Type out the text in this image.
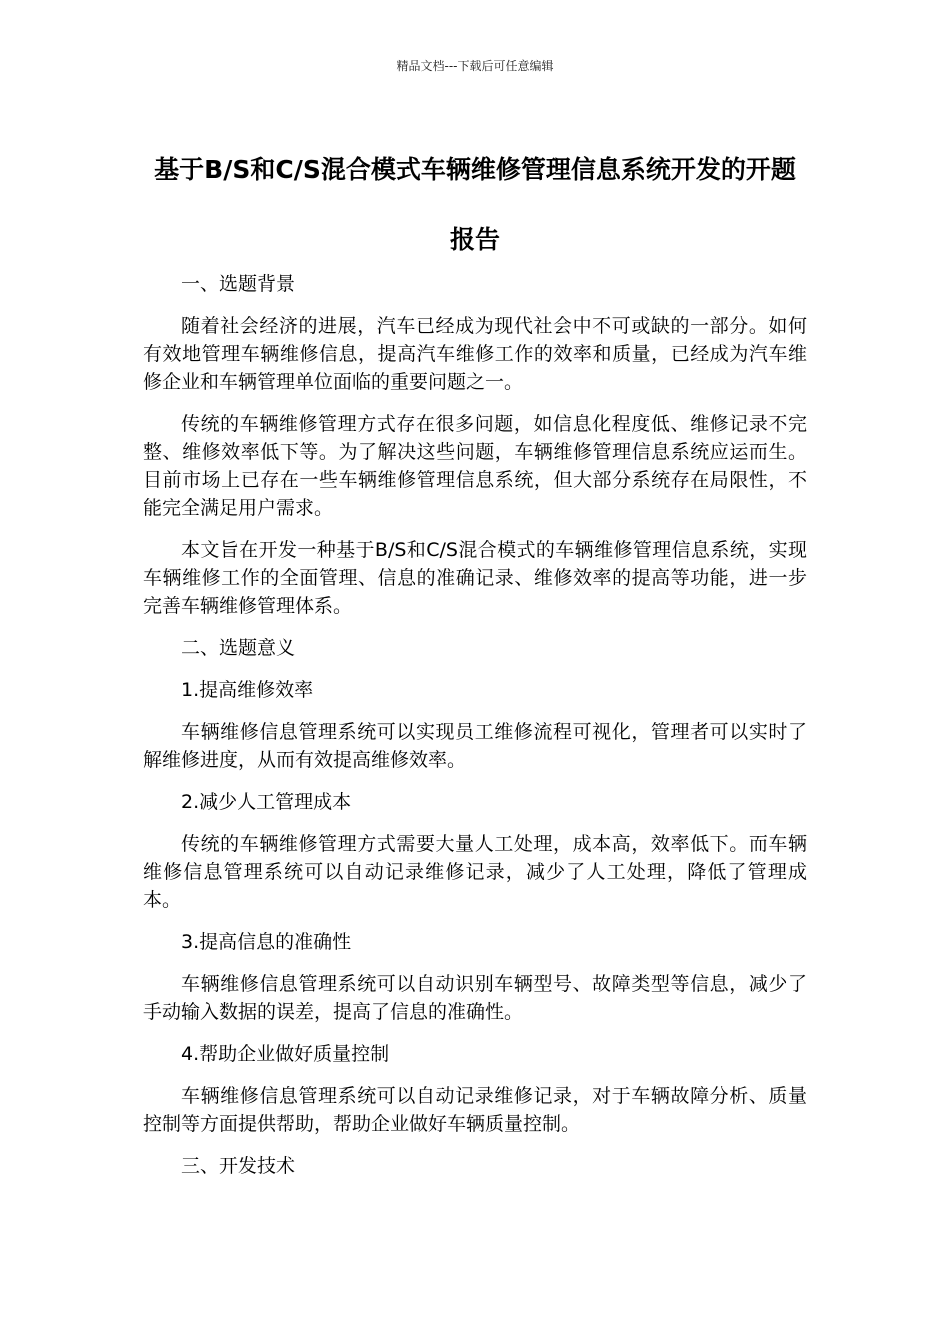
精品文档---下载后可任意编辑
基于B/S和C/S混合模式车辆维修管理信息系统开发的开题报告

一、选题背景

随着社会经济的进展，汽车已经成为现代社会中不可或缺的一部分。如何有效地管理车辆维修信息，提高汽车维修工作的效率和质量，已经成为汽车维修企业和车辆管理单位面临的重要问题之一。

传统的车辆维修管理方式存在很多问题，如信息化程度低、维修记录不完整、维修效率低下等。为了解决这些问题，车辆维修管理信息系统应运而生。目前市场上已存在一些车辆维修管理信息系统，但大部分系统存在局限性，不能完全满足用户需求。

本文旨在开发一种基于B/S和C/S混合模式的车辆维修管理信息系统，实现车辆维修工作的全面管理、信息的准确记录、维修效率的提高等功能，进一步完善车辆维修管理体系。

二、选题意义

1.提高维修效率

车辆维修信息管理系统可以实现员工维修流程可视化，管理者可以实时了解维修进度，从而有效提高维修效率。

2.减少人工管理成本

传统的车辆维修管理方式需要大量人工处理，成本高，效率低下。而车辆维修信息管理系统可以自动记录维修记录，减少了人工处理，降低了管理成本。

3.提高信息的准确性

车辆维修信息管理系统可以自动识别车辆型号、故障类型等信息，减少了手动输入数据的误差，提高了信息的准确性。

4.帮助企业做好质量控制

车辆维修信息管理系统可以自动记录维修记录，对于车辆故障分析、质量控制等方面提供帮助，帮助企业做好车辆质量控制。

三、开发技术
